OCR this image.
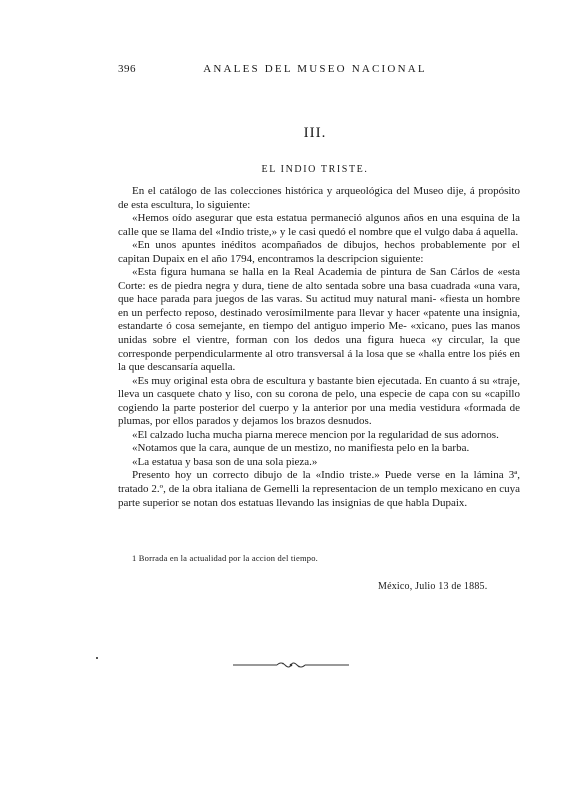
396	ANALES DEL MUSEO NACIONAL
III.
EL INDIO TRISTE.

En el catálogo de las colecciones histórica y arqueológica del Museo dije, á propósito de esta escultura, lo siguiente:

«Hemos oído asegurar que esta estatua permaneció algunos años en una esquina de la calle que se llama del «Indio triste,» y le casi quedó el nombre que el vulgo daba á aquella.

«En unos apuntes inéditos acompañados de dibujos, hechos probablemente por el capitan Dupaix en el año 1794, encontramos la descripcion siguiente:

«Esta figura humana se halla en la Real Academia de pintura de San Cárlos de «esta Corte: es de piedra negra y dura, tiene de alto sentada sobre una basa cuadrada «una vara, que hace parada para juegos de las varas. Su actitud muy natural mani- «fiesta un hombre en un perfecto reposo, destinado verosímilmente para llevar y hacer «patente una insignia, estandarte ó cosa semejante, en tiempo del antiguo imperio Me- «xicano, pues las manos unidas sobre el vientre, forman con los dedos una figura hueca «y circular, la que corresponde perpendicularmente al otro transversal á la losa que se «halla entre los piés en la que descansaría aquella.

«Es muy original esta obra de escultura y bastante bien ejecutada. En cuanto á su «traje, lleva un casquete chato y liso, con su corona de pelo, una especie de capa con su «capillo cogiendo la parte posterior del cuerpo y la anterior por una media vestidura «formada de plumas, por ellos parados y dejamos los brazos desnudos.

«El calzado lucha mucha piarna merece mencion por la regularidad de sus adornos.

«Notamos que la cara, aunque de un mestizo, no manifiesta pelo en la barba.

«La estatua y basa son de una sola pieza.»

Presento hoy un correcto dibujo de la «Indio triste.» Puede verse en la lámina 3ª, tratado 2.º, de la obra italiana de Gemelli la representacion de un templo mexicano en cuya parte superior se notan dos estatuas llevando las insignias de que habla Dupaix.

1 Borrada en la actualidad por la accion del tiempo.
México, Julio 13 de 1885.
